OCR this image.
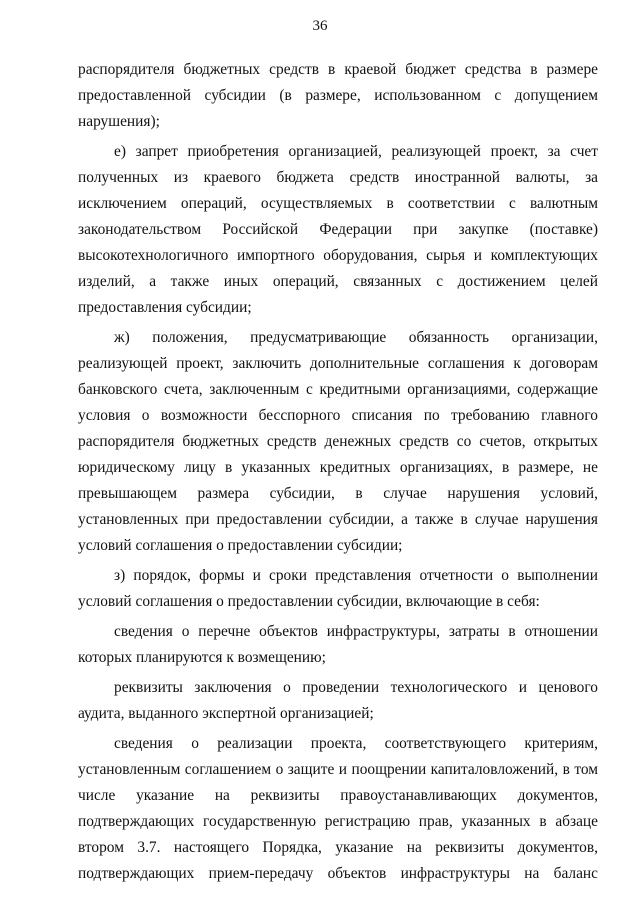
36

распорядителя бюджетных средств в краевой бюджет средства в размере предоставленной субсидии (в размере, использованном с допущением нарушения);

е) запрет приобретения организацией, реализующей проект, за счет полученных из краевого бюджета средств иностранной валюты, за исключением операций, осуществляемых в соответствии с валютным законодательством Российской Федерации при закупке (поставке) высокотехнологичного импортного оборудования, сырья и комплектующих изделий, а также иных операций, связанных с достижением целей предоставления субсидии;

ж) положения, предусматривающие обязанность организации, реализующей проект, заключить дополнительные соглашения к договорам банковского счета, заключенным с кредитными организациями, содержащие условия о возможности бесспорного списания по требованию главного распорядителя бюджетных средств денежных средств со счетов, открытых юридическому лицу в указанных кредитных организациях, в размере, не превышающем размера субсидии, в случае нарушения условий, установленных при предоставлении субсидии, а также в случае нарушения условий соглашения о предоставлении субсидии;

з) порядок, формы и сроки представления отчетности о выполнении условий соглашения о предоставлении субсидии, включающие в себя:

сведения о перечне объектов инфраструктуры, затраты в отношении которых планируются к возмещению;

реквизиты заключения о проведении технологического и ценового аудита, выданного экспертной организацией;

сведения о реализации проекта, соответствующего критериям, установленным соглашением о защите и поощрении капиталовложений, в том числе указание на реквизиты правоустанавливающих документов, подтверждающих государственную регистрацию прав, указанных в абзаце втором 3.7. настоящего Порядка, указание на реквизиты документов, подтверждающих прием-передачу объектов инфраструктуры на баланс
